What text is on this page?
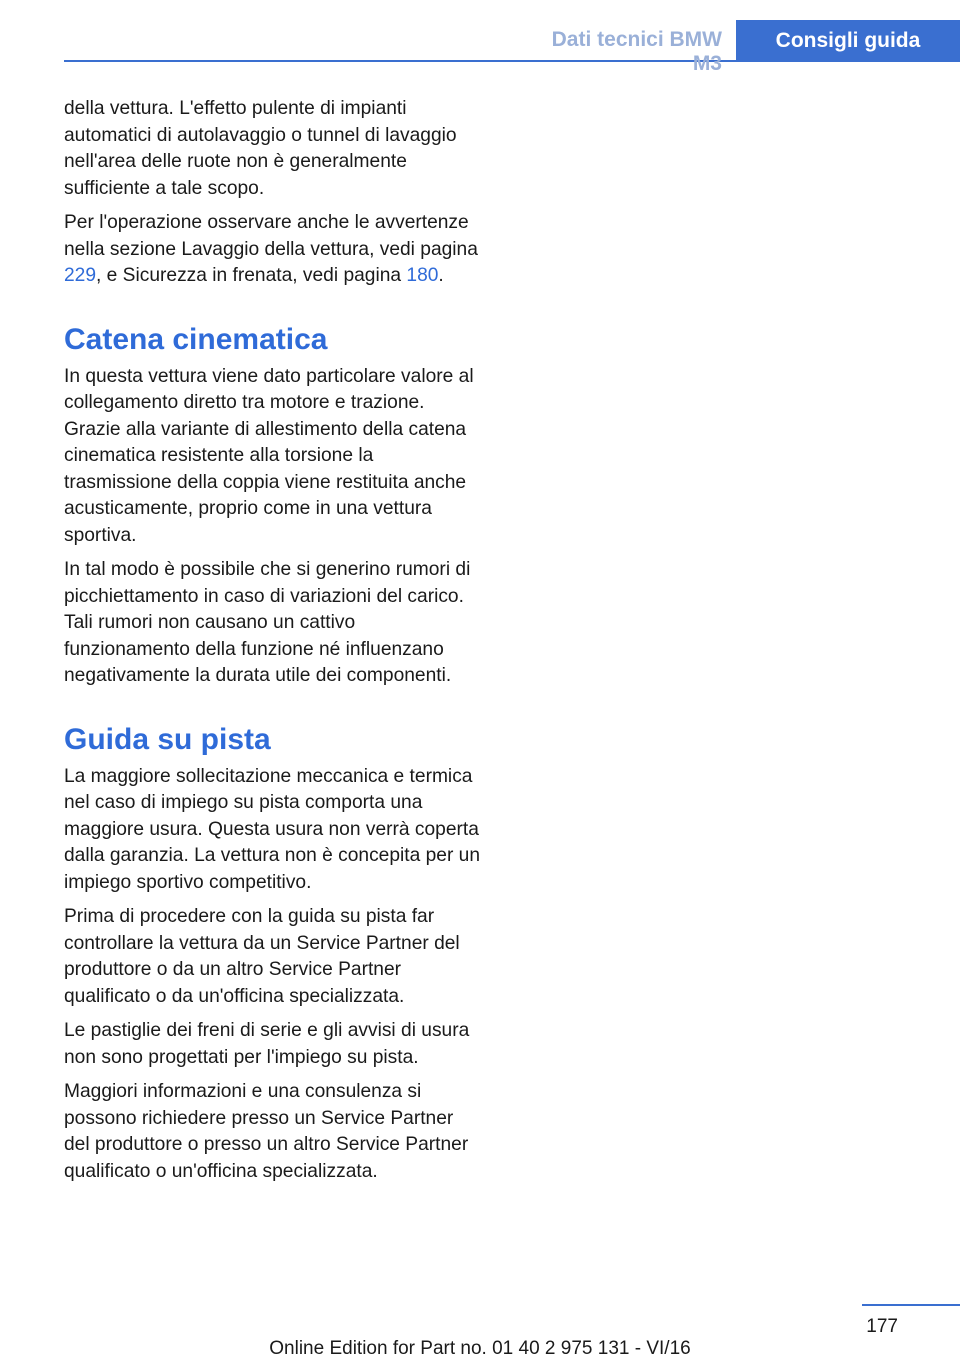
Dati tecnici BMW M3
Consigli guida

della vettura. L'effetto pulente di impianti automatici di autolavaggio o tunnel di lavaggio nell'area delle ruote non è generalmente sufficiente a tale scopo.

Per l'operazione osservare anche le avvertenze nella sezione Lavaggio della vettura, vedi pagina 229, e Sicurezza in frenata, vedi pagina 180.

Catena cinematica

In questa vettura viene dato particolare valore al collegamento diretto tra motore e trazione. Grazie alla variante di allestimento della catena cinematica resistente alla torsione la trasmissione della coppia viene restituita anche acusticamente, proprio come in una vettura sportiva.

In tal modo è possibile che si generino rumori di picchiettamento in caso di variazioni del carico. Tali rumori non causano un cattivo funzionamento della funzione né influenzano negativamente la durata utile dei componenti.

Guida su pista

La maggiore sollecitazione meccanica e termica nel caso di impiego su pista comporta una maggiore usura. Questa usura non verrà coperta dalla garanzia. La vettura non è concepita per un impiego sportivo competitivo.

Prima di procedere con la guida su pista far controllare la vettura da un Service Partner del produttore o da un altro Service Partner qualificato o da un'officina specializzata.

Le pastiglie dei freni di serie e gli avvisi di usura non sono progettati per l'impiego su pista.

Maggiori informazioni e una consulenza si possono richiedere presso un Service Partner del produttore o presso un altro Service Partner qualificato o un'officina specializzata.

177
Online Edition for Part no. 01 40 2 975 131 - VI/16
